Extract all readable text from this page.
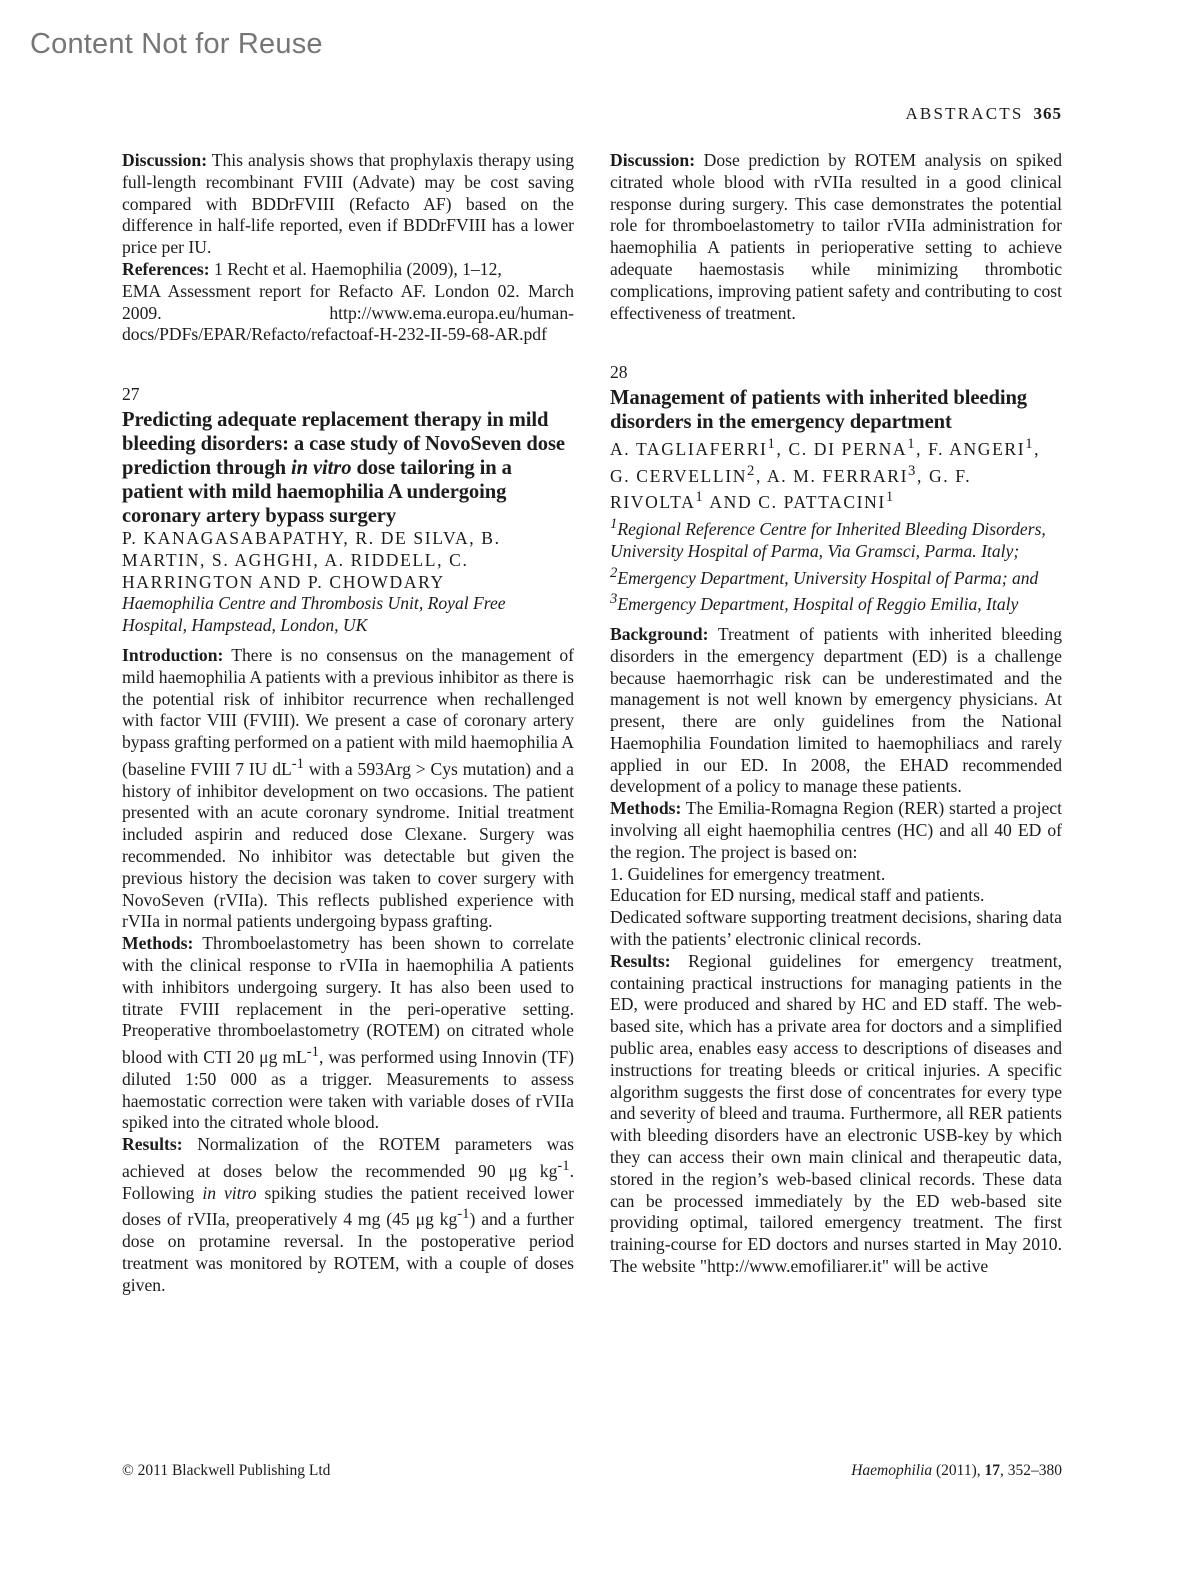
Content Not for Reuse
ABSTRACTS 365

Discussion: This analysis shows that prophylaxis therapy using full-length recombinant FVIII (Advate) may be cost saving compared with BDDrFVIII (Refacto AF) based on the difference in half-life reported, even if BDDrFVIII has a lower price per IU.

References: 1 Recht et al. Haemophilia (2009), 1–12,

EMA Assessment report for Refacto AF. London 02. March 2009. http://www.ema.europa.eu/human-docs/PDFs/EPAR/Refacto/refactoaf-H-232-II-59-68-AR.pdf

27
Predicting adequate replacement therapy in mild bleeding disorders: a case study of NovoSeven dose prediction through in vitro dose tailoring in a patient with mild haemophilia A undergoing coronary artery bypass surgery
P. KANAGASABAPATHY, R. DE SILVA, B. MARTIN, S. AGHGHI, A. RIDDELL, C. HARRINGTON AND P. CHOWDARY
Haemophilia Centre and Thrombosis Unit, Royal Free Hospital, Hampstead, London, UK

Introduction: There is no consensus on the management of mild haemophilia A patients with a previous inhibitor as there is the potential risk of inhibitor recurrence when rechallenged with factor VIII (FVIII). We present a case of coronary artery bypass grafting performed on a patient with mild haemophilia A (baseline FVIII 7 IU $dL^{-1}$ with a 593Arg > Cys mutation) and a history of inhibitor development on two occasions. The patient presented with an acute coronary syndrome. Initial treatment included aspirin and reduced dose Clexane. Surgery was recommended. No inhibitor was detectable but given the previous history the decision was taken to cover surgery with NovoSeven (rVIIa). This reflects published experience with rVIIa in normal patients undergoing bypass grafting.

Methods: Thromboelastometry has been shown to correlate with the clinical response to rVIIa in haemophilia A patients with inhibitors undergoing surgery. It has also been used to titrate FVIII replacement in the peri-operative setting. Preoperative thromboelastometry (ROTEM) on citrated whole blood with CTI 20 μg $mL^{-1}$, was performed using Innovin (TF) diluted 1:50 000 as a trigger. Measurements to assess haemostatic correction were taken with variable doses of rVIIa spiked into the citrated whole blood.

Results: Normalization of the ROTEM parameters was achieved at doses below the recommended 90 μg $kg^{-1}$. Following in vitro spiking studies the patient received lower doses of rVIIa, preoperatively 4 mg (45 μg $kg^{-1}$) and a further dose on protamine reversal. In the postoperative period treatment was monitored by ROTEM, with a couple of doses given.

Discussion: Dose prediction by ROTEM analysis on spiked citrated whole blood with rVIIa resulted in a good clinical response during surgery. This case demonstrates the potential role for thromboelastometry to tailor rVIIa administration for haemophilia A patients in perioperative setting to achieve adequate haemostasis while minimizing thrombotic complications, improving patient safety and contributing to cost effectiveness of treatment.

28
Management of patients with inherited bleeding disorders in the emergency department
A. TAGLIAFERRI$^1$, C. DI PERNA$^1$, F. ANGERI$^1$, G. CERVELLIN$^2$, A. M. FERRARI$^3$, G. F. RIVOLTA$^1$ AND C. PATTACINI$^1$
$^1$Regional Reference Centre for Inherited Bleeding Disorders, University Hospital of Parma, Via Gramsci, Parma. Italy; $^2$Emergency Department, University Hospital of Parma; and $^3$Emergency Department, Hospital of Reggio Emilia, Italy

Background: Treatment of patients with inherited bleeding disorders in the emergency department (ED) is a challenge because haemorrhagic risk can be underestimated and the management is not well known by emergency physicians. At present, there are only guidelines from the National Haemophilia Foundation limited to haemophiliacs and rarely applied in our ED. In 2008, the EHAD recommended development of a policy to manage these patients.

Methods: The Emilia-Romagna Region (RER) started a project involving all eight haemophilia centres (HC) and all 40 ED of the region. The project is based on:

1. Guidelines for emergency treatment.

Education for ED nursing, medical staff and patients.

Dedicated software supporting treatment decisions, sharing data with the patients’ electronic clinical records.

Results: Regional guidelines for emergency treatment, containing practical instructions for managing patients in the ED, were produced and shared by HC and ED staff. The web-based site, which has a private area for doctors and a simplified public area, enables easy access to descriptions of diseases and instructions for treating bleeds or critical injuries. A specific algorithm suggests the first dose of concentrates for every type and severity of bleed and trauma. Furthermore, all RER patients with bleeding disorders have an electronic USB-key by which they can access their own main clinical and therapeutic data, stored in the region’s web-based clinical records. These data can be processed immediately by the ED web-based site providing optimal, tailored emergency treatment. The first training-course for ED doctors and nurses started in May 2010. The website "http://www.emofiliarer.it" will be active

© 2011 Blackwell Publishing Ltd	Haemophilia (2011), 17, 352–380
